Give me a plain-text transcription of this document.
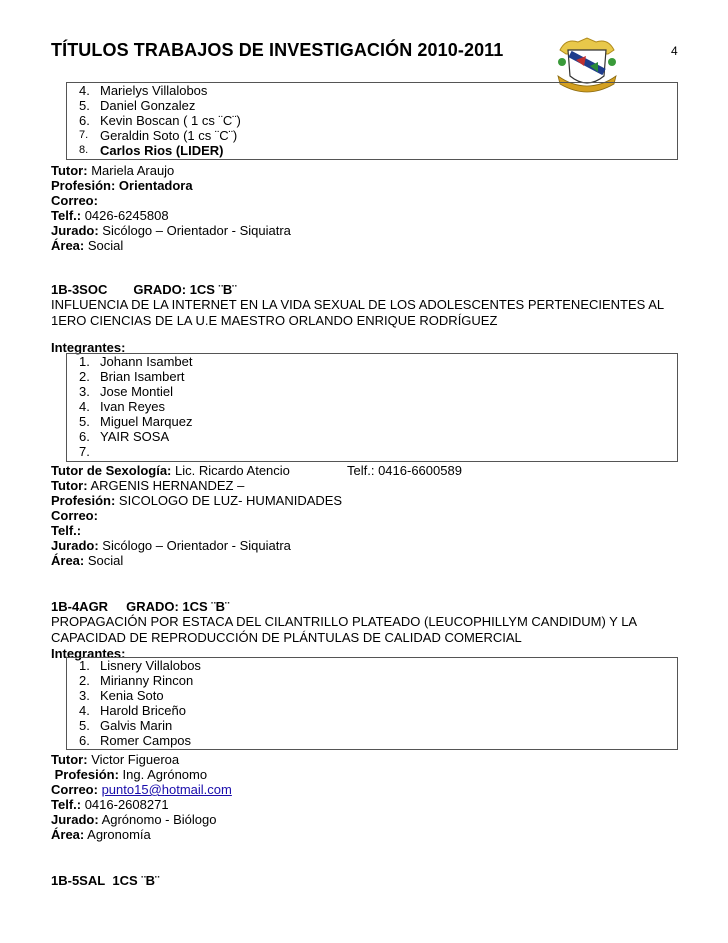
TÍTULOS TRABAJOS DE INVESTIGACIÓN 2010-2011	4
4. Marielys Villalobos
5. Daniel Gonzalez
6. Kevin Boscan ( 1 cs ¨C¨)
7. Geraldin Soto (1 cs ¨C¨)
8. Carlos Rios (LIDER)
Tutor: Mariela Araujo
Profesión: Orientadora
Correo:
Telf.: 0426-6245808
Jurado: Sicólogo – Orientador - Siquiatra
Área: Social
1B-3SOC GRADO: 1CS ¨B¨
INFLUENCIA DE LA INTERNET EN LA VIDA SEXUAL DE LOS ADOLESCENTES PERTENECIENTES AL 1ERO CIENCIAS DE LA U.E MAESTRO ORLANDO ENRIQUE RODRÍGUEZ
Integrantes:
1. Johann Isambet
2. Brian Isambert
3. Jose Montiel
4. Ivan Reyes
5. Miguel Marquez
6. YAIR SOSA
7.
Tutor de Sexología: Lic. Ricardo Atencio	Telf.: 0416-6600589
Tutor: ARGENIS HERNANDEZ –
Profesión: SICOLOGO DE LUZ- HUMANIDADES
Correo:
Telf.:
Jurado: Sicólogo – Orientador - Siquiatra
Área: Social
1B-4AGR GRADO: 1CS ¨B¨
PROPAGACIÓN POR ESTACA DEL CILANTRILLO PLATEADO (LEUCOPHILLYM CANDIDUM) Y LA CAPACIDAD DE REPRODUCCIÓN DE PLÁNTULAS DE CALIDAD COMERCIAL
Integrantes:
1. Lisnery Villalobos
2. Mirianny Rincon
3. Kenia Soto
4. Harold Briceño
5. Galvis Marin
6. Romer Campos
Tutor: Victor Figueroa
Profesión: Ing. Agrónomo
Correo: punto15@hotmail.com
Telf.: 0416-2608271
Jurado: Agrónomo - Biólogo
Área: Agronomía
1B-5SAL 1CS ¨B¨
